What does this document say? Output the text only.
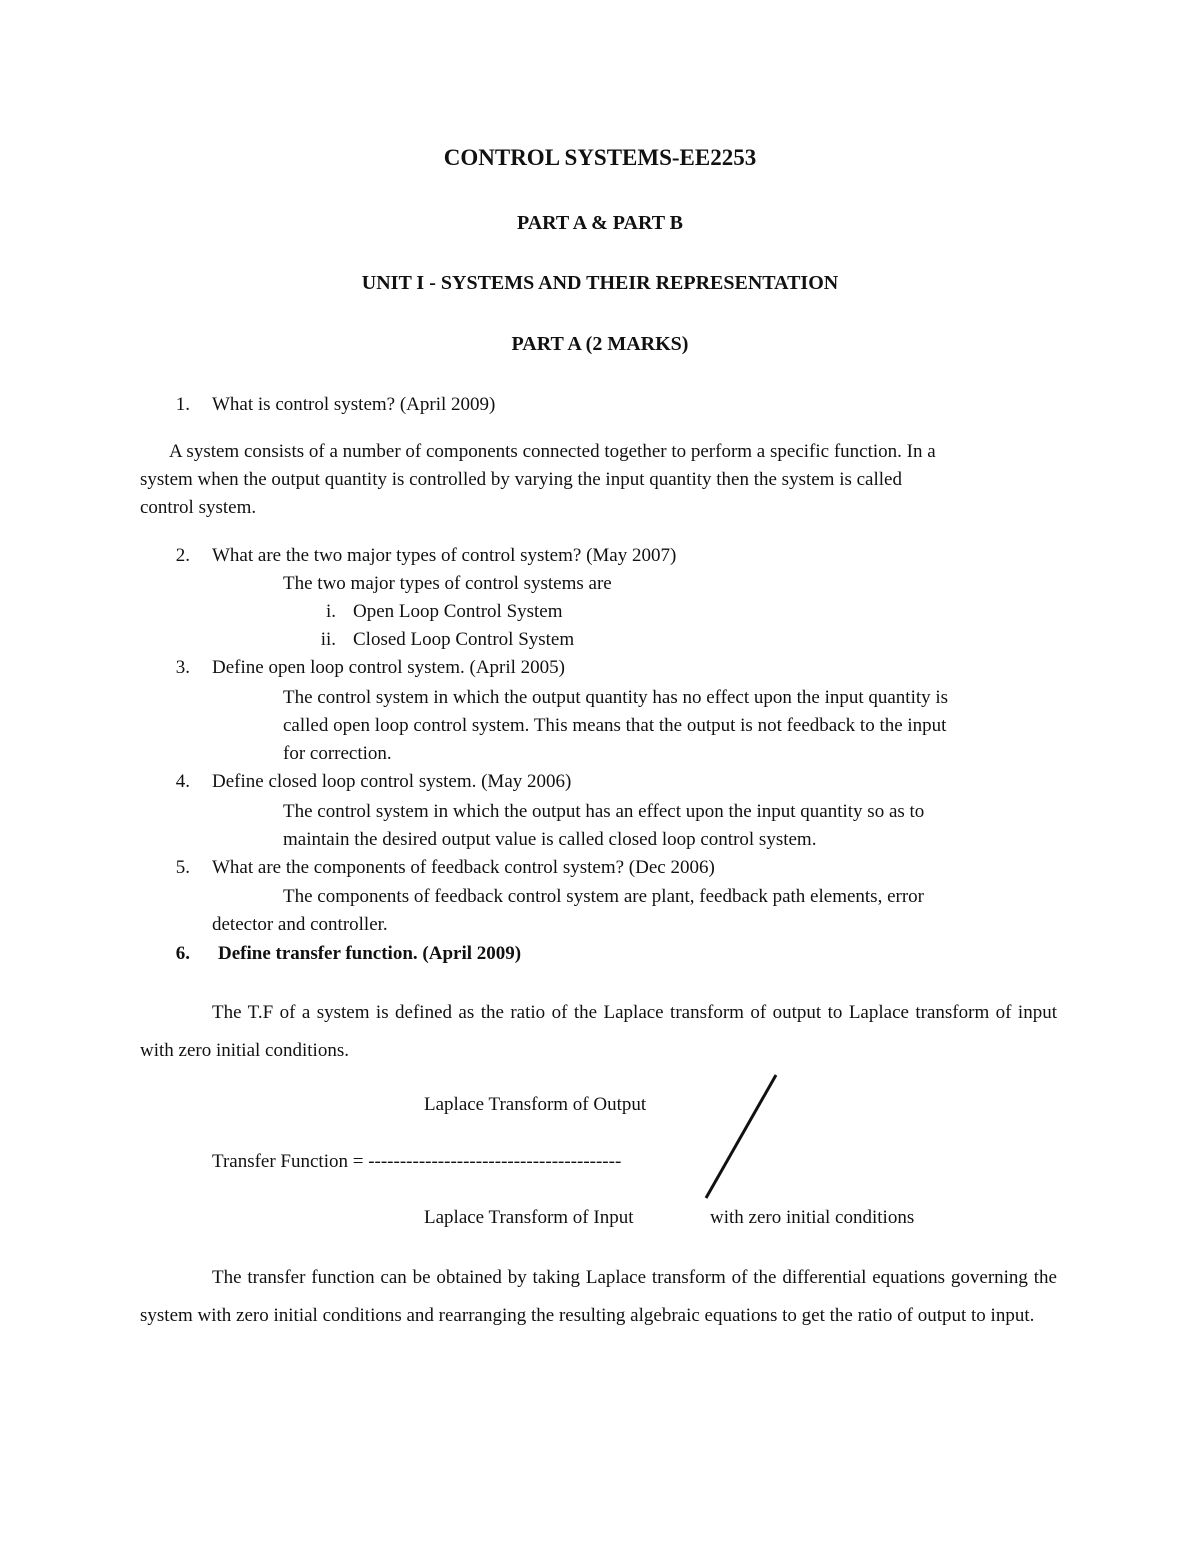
CONTROL SYSTEMS-EE2253
PART A & PART B
UNIT I - SYSTEMS AND THEIR REPRESENTATION
PART A (2 MARKS)
1. What is control system? (April 2009)
A system consists of a number of components connected together to perform a specific function. In a
system when the output quantity is controlled by varying the input quantity then the system is called
control system.
2. What are the two major types of control system? (May 2007)
The two major types of control systems are
i. Open Loop Control System
ii. Closed Loop Control System
3. Define open loop control system. (April 2005)
The control system in which the output quantity has no effect upon the input quantity is
called open loop control system. This means that the output is not feedback to the input
for correction.
4. Define closed loop control system. (May 2006)
The control system in which the output has an effect upon the input quantity so as to
maintain the desired output value is called closed loop control system.
5. What are the components of feedback control system? (Dec 2006)
The components of feedback control system are plant, feedback path elements, error
detector and controller.
6. Define transfer function. (April 2009)
The T.F of a system is defined as the ratio of the Laplace transform of output to Laplace transform of input with zero initial conditions.
Laplace Transform of Output
Transfer Function = ----------------------------------------
Laplace Transform of Input	with zero initial conditions
The transfer function can be obtained by taking Laplace transform of the differential equations governing the system with zero initial conditions and rearranging the resulting algebraic equations to get the ratio of output to input.
